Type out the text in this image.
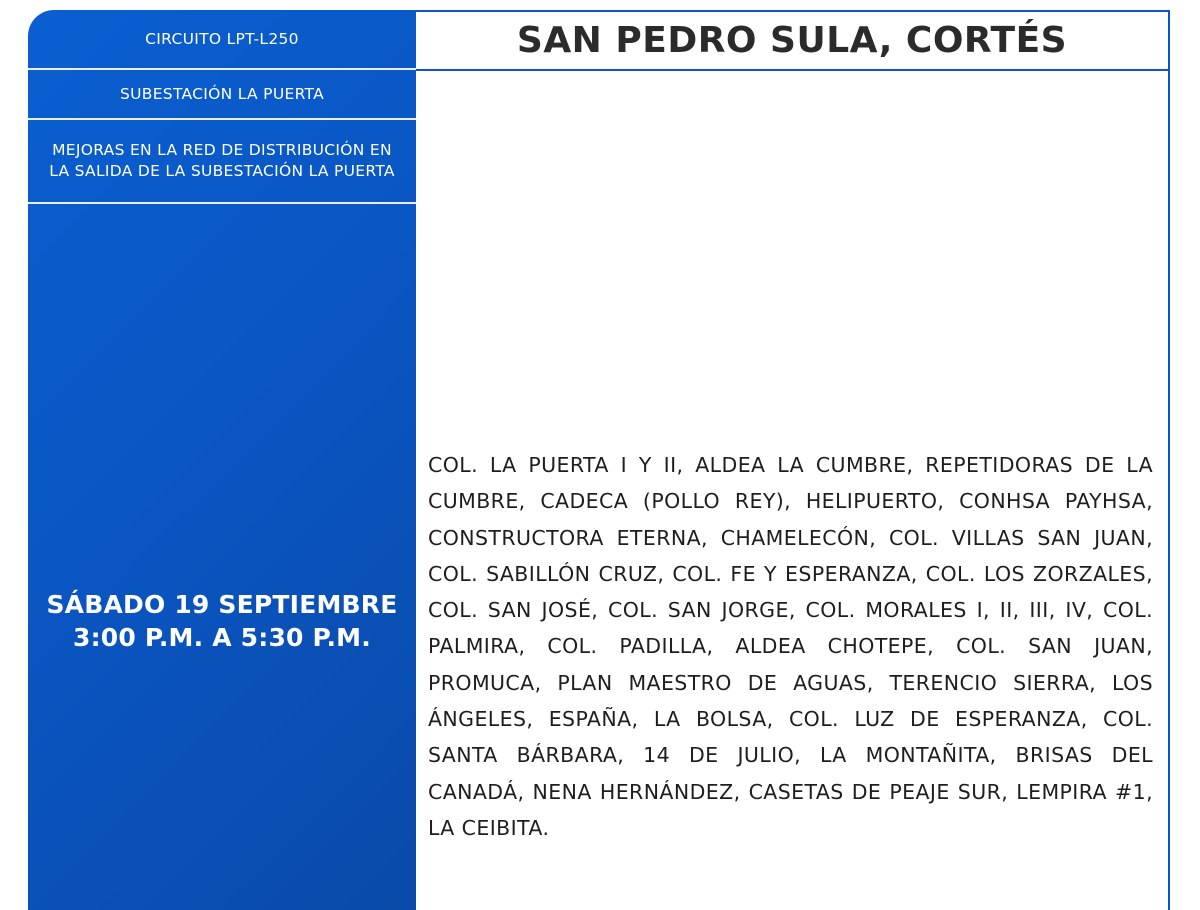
CIRCUITO LPT-L250
SUBESTACIÓN LA PUERTA
MEJORAS EN LA RED DE DISTRIBUCIÓN EN LA SALIDA DE LA SUBESTACIÓN LA PUERTA
SÁBADO 19 SEPTIEMBRE
3:00 P.M. A 5:30 P.M.
SAN PEDRO SULA, CORTÉS

COL. LA PUERTA I Y II, ALDEA LA CUMBRE, REPETIDORAS DE LA CUMBRE, CADECA (POLLO REY), HELIPUERTO, CONHSA PAYHSA, CONSTRUCTORA ETERNA, CHAMELECÓN, COL. VILLAS SAN JUAN, COL. SABILLÓN CRUZ, COL. FE Y ESPERANZA, COL. LOS ZORZALES, COL. SAN JOSÉ, COL. SAN JORGE, COL. MORALES I, II, III, IV, COL. PALMIRA, COL. PADILLA, ALDEA CHOTEPE, COL. SAN JUAN, PROMUCA, PLAN MAESTRO DE AGUAS, TERENCIO SIERRA, LOS ÁNGELES, ESPAÑA, LA BOLSA, COL. LUZ DE ESPERANZA, COL. SANTA BÁRBARA, 14 DE JULIO, LA MONTAÑITA, BRISAS DEL CANADÁ, NENA HERNÁNDEZ, CASETAS DE PEAJE SUR, LEMPIRA #1, LA CEIBITA.
